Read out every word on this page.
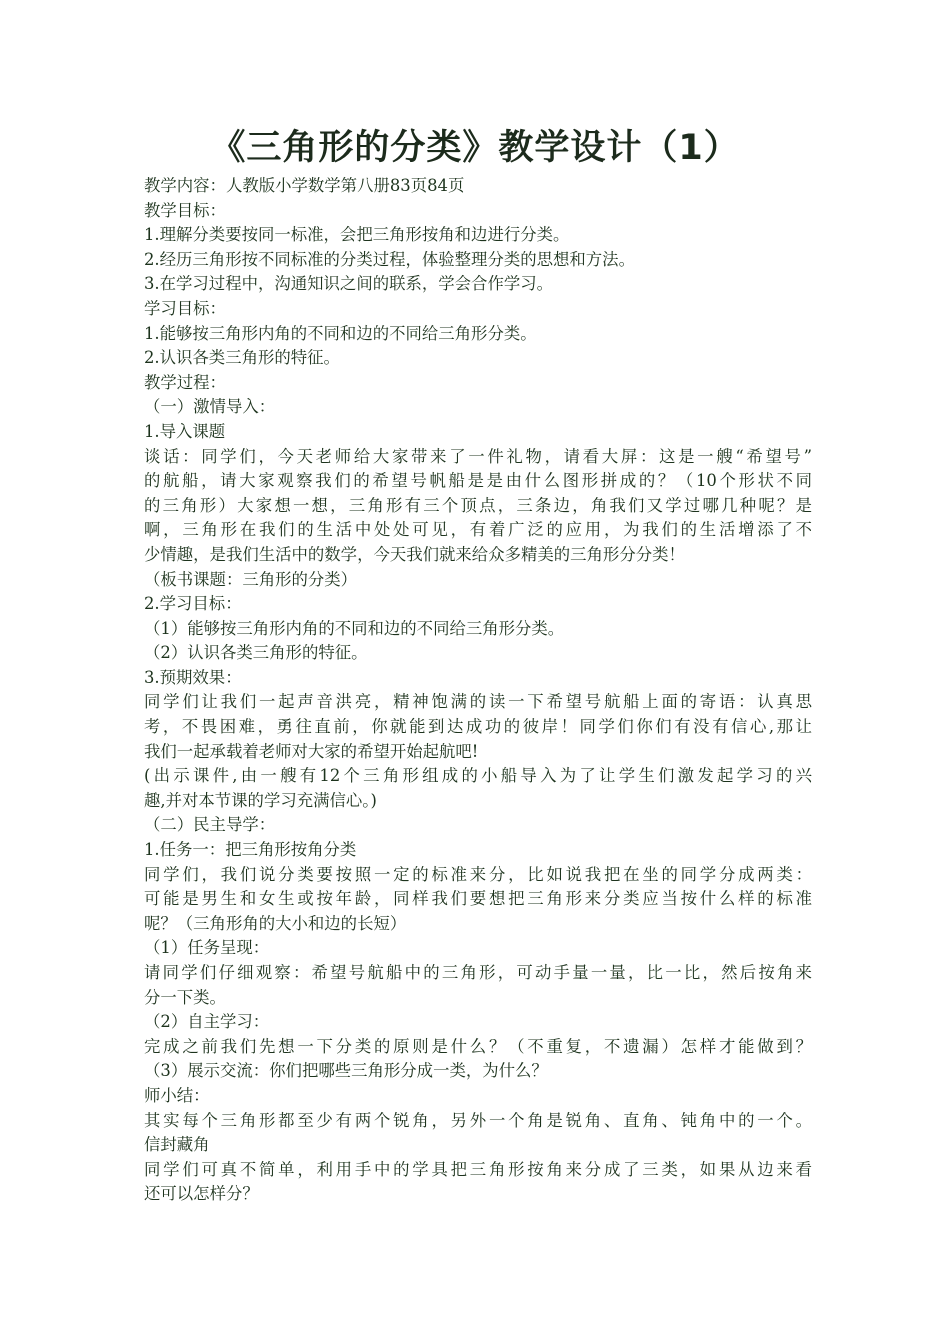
《三角形的分类》教学设计（1）

教学内容：人教版小学数学第八册83页84页

教学目标：

1.理解分类要按同一标准，会把三角形按角和边进行分类。

2.经历三角形按不同标准的分类过程，体验整理分类的思想和方法。

3.在学习过程中，沟通知识之间的联系，学会合作学习。

学习目标：

1.能够按三角形内角的不同和边的不同给三角形分类。

2.认识各类三角形的特征。

教学过程：

（一）激情导入：

1.导入课题

谈话：同学们，今天老师给大家带来了一件礼物，请看大屏：这是一艘“希望号”

的航船，请大家观察我们的希望号帆船是是由什么图形拼成的？（10个形状不同

的三角形）大家想一想，三角形有三个顶点，三条边，角我们又学过哪几种呢？是

啊，三角形在我们的生活中处处可见，有着广泛的应用，为我们的生活增添了不

少情趣，是我们生活中的数学，今天我们就来给众多精美的三角形分分类！

（板书课题：三角形的分类）

2.学习目标：

（1）能够按三角形内角的不同和边的不同给三角形分类。

（2）认识各类三角形的特征。

3.预期效果：

同学们让我们一起声音洪亮，精神饱满的读一下希望号航船上面的寄语：认真思

考，不畏困难，勇往直前，你就能到达成功的彼岸！同学们你们有没有信心,那让

我们一起承载着老师对大家的希望开始起航吧!

(出示课件,由一艘有12个三角形组成的小船导入为了让学生们激发起学习的兴

趣,并对本节课的学习充满信心。)

（二）民主导学：

1.任务一：把三角形按角分类

同学们，我们说分类要按照一定的标准来分，比如说我把在坐的同学分成两类：

可能是男生和女生或按年龄，同样我们要想把三角形来分类应当按什么样的标准

呢？（三角形角的大小和边的长短）

（1）任务呈现：

请同学们仔细观察：希望号航船中的三角形，可动手量一量，比一比，然后按角来

分一下类。

（2）自主学习：

完成之前我们先想一下分类的原则是什么？（不重复，不遗漏）怎样才能做到？

（3）展示交流：你们把哪些三角形分成一类，为什么？

师小结：

其实每个三角形都至少有两个锐角，另外一个角是锐角、直角、钝角中的一个。

信封藏角

同学们可真不简单，利用手中的学具把三角形按角来分成了三类，如果从边来看

还可以怎样分？
